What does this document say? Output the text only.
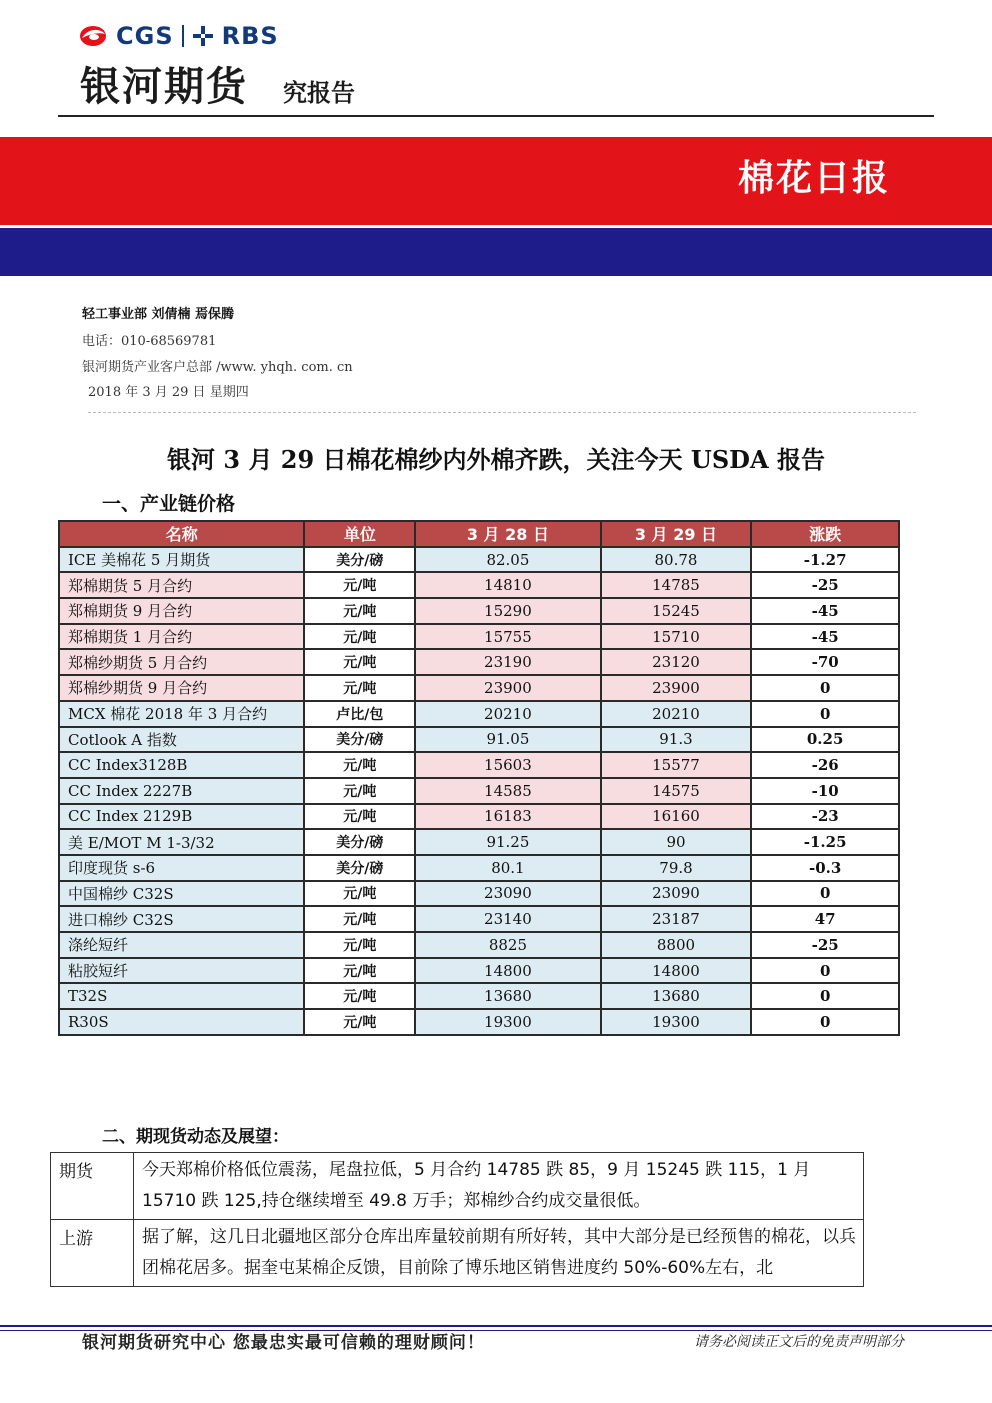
CGS RBS
银河期货 究报告
棉花日报
轻工事业部 刘倩楠 焉保腾
电话：010-68569781
银河期货产业客户总部 /www. yhqh. com. cn
2018 年 3 月 29 日 星期四
银河 3 月 29 日棉花棉纱内外棉齐跌，关注今天 USDA 报告
一、产业链价格
名称	单位	3 月 28 日	3 月 29 日	涨跌
ICE 美棉花 5 月期货	美分/磅	82.05	80.78	-1.27
郑棉期货 5 月合约	元/吨	14810	14785	-25
郑棉期货 9 月合约	元/吨	15290	15245	-45
郑棉期货 1 月合约	元/吨	15755	15710	-45
郑棉纱期货 5 月合约	元/吨	23190	23120	-70
郑棉纱期货 9 月合约	元/吨	23900	23900	0
MCX 棉花 2018 年 3 月合约	卢比/包	20210	20210	0
Cotlook A 指数	美分/磅	91.05	91.3	0.25
CC Index3128B	元/吨	15603	15577	-26
CC Index 2227B	元/吨	14585	14575	-10
CC Index 2129B	元/吨	16183	16160	-23
美 E/MOT M 1-3/32	美分/磅	91.25	90	-1.25
印度现货 s-6	美分/磅	80.1	79.8	-0.3
中国棉纱 C32S	元/吨	23090	23090	0
进口棉纱 C32S	元/吨	23140	23187	47
涤纶短纤	元/吨	8825	8800	-25
粘胶短纤	元/吨	14800	14800	0
T32S	元/吨	13680	13680	0
R30S	元/吨	19300	19300	0
二、期现货动态及展望：
期货	今天郑棉价格低位震荡，尾盘拉低，5 月合约 14785 跌 85，9 月 15245 跌 115，1 月 15710 跌 125,持仓继续增至 49.8 万手；郑棉纱合约成交量很低。
上游	据了解，这几日北疆地区部分仓库出库量较前期有所好转，其中大部分是已经预售的棉花，以兵团棉花居多。据奎屯某棉企反馈，目前除了博乐地区销售进度约 50%-60%左右，北
银河期货研究中心 您最忠实最可信赖的理财顾问！	请务必阅读正文后的免责声明部分
